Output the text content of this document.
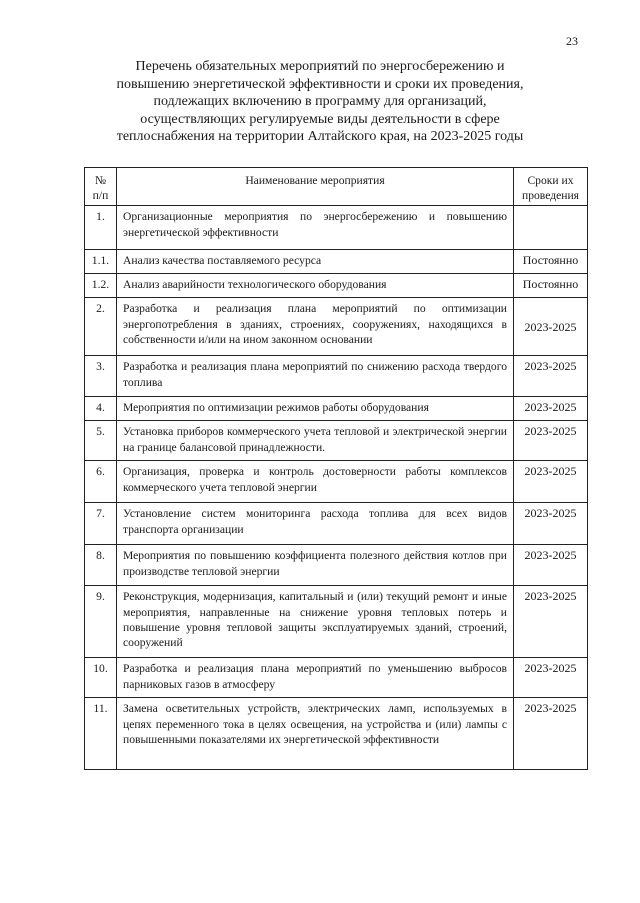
23
Перечень обязательных мероприятий по энергосбережению и
повышению энергетической эффективности и сроки их проведения,
подлежащих включению в программу для организаций,
осуществляющих регулируемые виды деятельности в сфере
теплоснабжения на территории Алтайского края, на 2023-2025 годы
№ п/п	Наименование мероприятия	Сроки их проведения
1.	Организационные мероприятия по энергосбережению и повышению энергетической эффективности	
1.1.	Анализ качества поставляемого ресурса	Постоянно
1.2.	Анализ аварийности технологического оборудования	Постоянно
2.	Разработка и реализация плана мероприятий по оптимизации энергопотребления в зданиях, строениях, сооружениях, находящихся в собственности и/или на ином законном основании	2023-2025
3.	Разработка и реализация плана мероприятий по снижению расхода твердого топлива	2023-2025
4.	Мероприятия по оптимизации режимов работы оборудования	2023-2025
5.	Установка приборов коммерческого учета тепловой и электрической энергии на границе балансовой принадлежности.	2023-2025
6.	Организация, проверка и контроль достоверности работы комплексов коммерческого учета тепловой энергии	2023-2025
7.	Установление систем мониторинга расхода топлива для всех видов транспорта организации	2023-2025
8.	Мероприятия по повышению коэффициента полезного действия котлов при производстве тепловой энергии	2023-2025
9.	Реконструкция, модернизация, капитальный и (или) текущий ремонт и иные мероприятия, направленные на снижение уровня тепловых потерь и повышение уровня тепловой защиты эксплуатируемых зданий, строений, сооружений	2023-2025
10.	Разработка и реализация плана мероприятий по уменьшению выбросов парниковых газов в атмосферу	2023-2025
11.	Замена осветительных устройств, электрических ламп, используемых в цепях переменного тока в целях освещения, на устройства и (или) лампы с повышенными показателями их энергетической эффективности	2023-2025
